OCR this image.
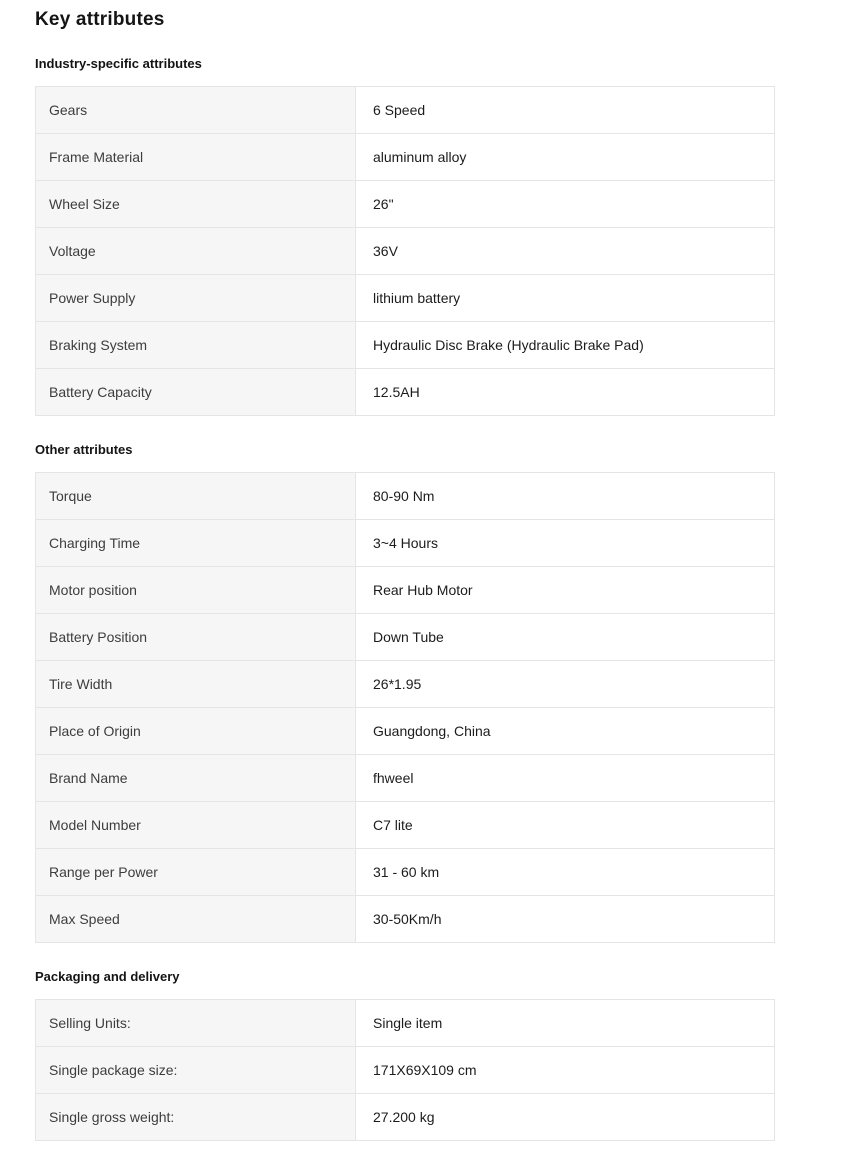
Key attributes
Industry-specific attributes
Gears	6 Speed
Frame Material	aluminum alloy
Wheel Size	26"
Voltage	36V
Power Supply	lithium battery
Braking System	Hydraulic Disc Brake (Hydraulic Brake Pad)
Battery Capacity	12.5AH
Other attributes
Torque	80-90 Nm
Charging Time	3~4 Hours
Motor position	Rear Hub Motor
Battery Position	Down Tube
Tire Width	26*1.95
Place of Origin	Guangdong, China
Brand Name	fhweel
Model Number	C7 lite
Range per Power	31 - 60 km
Max Speed	30-50Km/h
Packaging and delivery
Selling Units:	Single item
Single package size:	171X69X109 cm
Single gross weight:	27.200 kg
